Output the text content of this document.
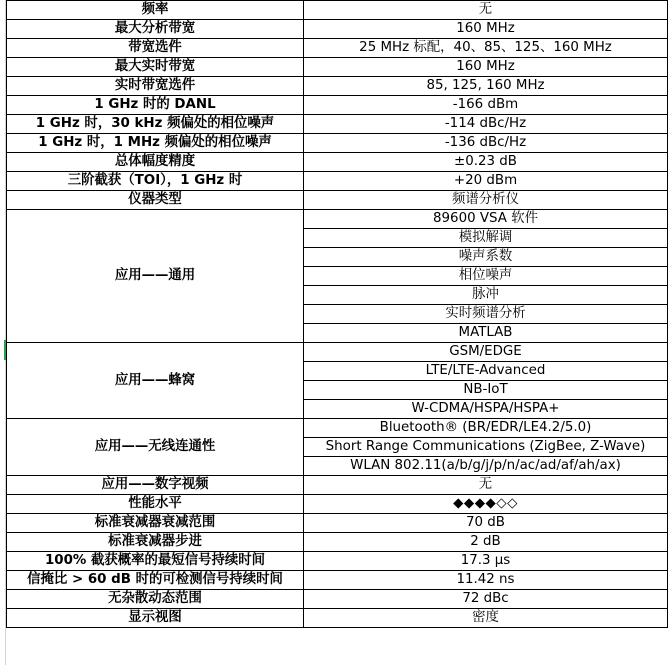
频率	无
最大分析带宽	160 MHz
带宽选件	25 MHz 标配，40、85、125、160 MHz
最大实时带宽	160 MHz
实时带宽选件	85, 125, 160 MHz
1 GHz 时的 DANL	-166 dBm
1 GHz 时，30 kHz 频偏处的相位噪声	-114 dBc/Hz
1 GHz 时，1 MHz 频偏处的相位噪声	-136 dBc/Hz
总体幅度精度	±0.23 dB
三阶截获（TOI），1 GHz 时	+20 dBm
仪器类型	频谱分析仪
应用——通用	89600 VSA 软件
	模拟解调
	噪声系数
	相位噪声
	脉冲
	实时频谱分析
	MATLAB
应用——蜂窝	GSM/EDGE
	LTE/LTE-Advanced
	NB-IoT
	W-CDMA/HSPA/HSPA+
应用——无线连通性	Bluetooth® (BR/EDR/LE4.2/5.0)
	Short Range Communications (ZigBee, Z-Wave)
	WLAN 802.11(a/b/g/j/p/n/ac/ad/af/ah/ax)
应用——数字视频	无
性能水平	◆◆◆◆◇◇
标准衰减器衰减范围	70 dB
标准衰减器步进	2 dB
100% 截获概率的最短信号持续时间	17.3 μs
信掩比 > 60 dB 时的可检测信号持续时间	11.42 ns
无杂散动态范围	72 dBc
显示视图	密度
